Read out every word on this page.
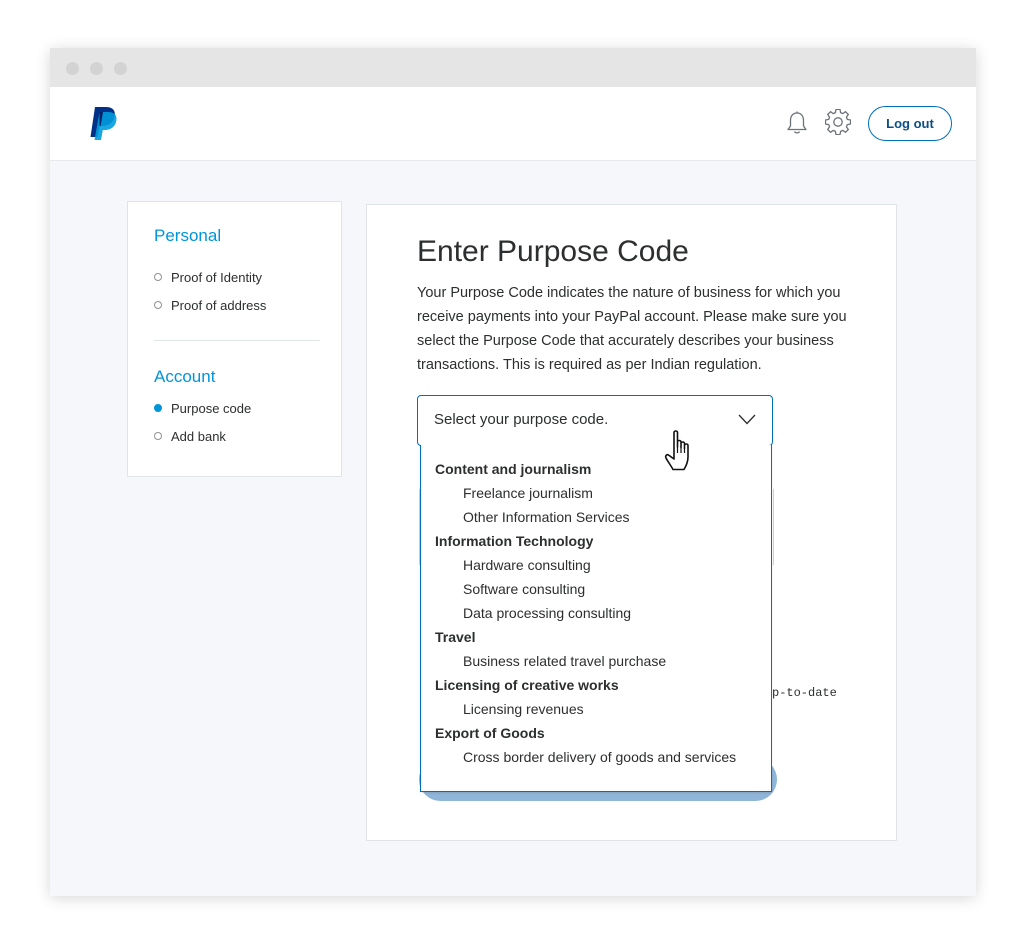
Log out
Personal
Proof of Identity
Proof of address
Account
Purpose code
Add bank
Enter Purpose Code

Your Purpose Code indicates the nature of business for which you receive payments into your PayPal account. Please make sure you select the Purpose Code that accurately describes your business transactions. This is required as per Indian regulation.

p-to-date
Select your purpose code.
Content and journalism
Freelance journalism
Other Information Services
Information Technology
Hardware consulting
Software consulting
Data processing consulting
Travel
Business related travel purchase
Licensing of creative works
Licensing revenues
Export of Goods
Cross border delivery of goods and services
